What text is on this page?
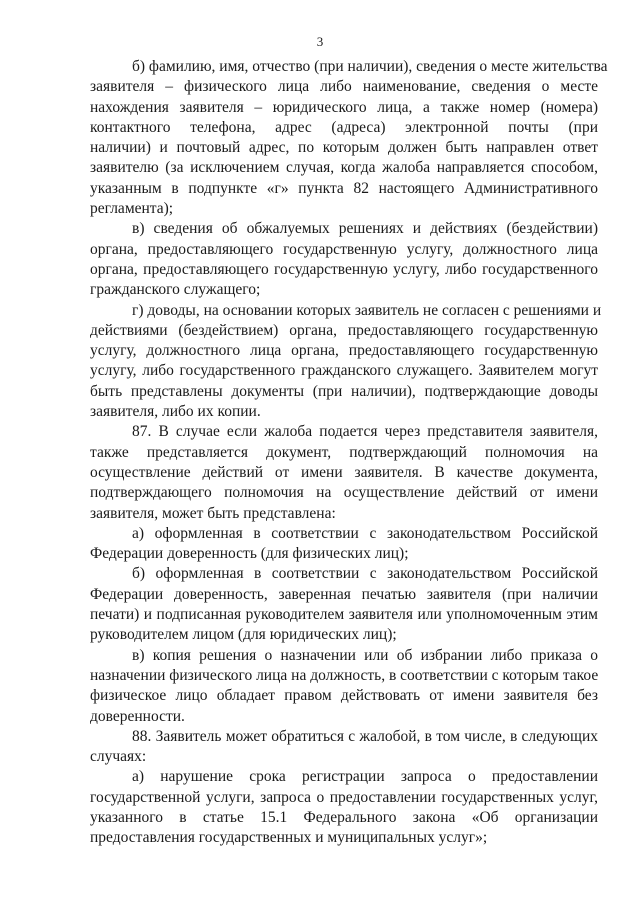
3
б) фамилию, имя, отчество (при наличии), сведения о месте жительства
заявителя – физического лица либо наименование, сведения о месте
нахождения заявителя – юридического лица, а также номер (номера)
контактного телефона, адрес (адреса) электронной почты (при
наличии) и почтовый адрес, по которым должен быть направлен ответ
заявителю (за исключением случая, когда жалоба направляется способом,
указанным в подпункте «г» пункта 82 настоящего Административного
регламента);
в) сведения об обжалуемых решениях и действиях (бездействии)
органа, предоставляющего государственную услугу, должностного лица
органа, предоставляющего государственную услугу, либо государственного
гражданского служащего;
г) доводы, на основании которых заявитель не согласен с решениями и
действиями (бездействием) органа, предоставляющего государственную
услугу, должностного лица органа, предоставляющего государственную
услугу, либо государственного гражданского служащего. Заявителем могут
быть представлены документы (при наличии), подтверждающие доводы
заявителя, либо их копии.
87. В случае если жалоба подается через представителя заявителя,
также представляется документ, подтверждающий полномочия на
осуществление действий от имени заявителя. В качестве документа,
подтверждающего полномочия на осуществление действий от имени
заявителя, может быть представлена:
а) оформленная в соответствии с законодательством Российской
Федерации доверенность (для физических лиц);
б) оформленная в соответствии с законодательством Российской
Федерации доверенность, заверенная печатью заявителя (при наличии
печати) и подписанная руководителем заявителя или уполномоченным этим
руководителем лицом (для юридических лиц);
в) копия решения о назначении или об избрании либо приказа о
назначении физического лица на должность, в соответствии с которым такое
физическое лицо обладает правом действовать от имени заявителя без
доверенности.
88. Заявитель может обратиться с жалобой, в том числе, в следующих
случаях:
а) нарушение срока регистрации запроса о предоставлении
государственной услуги, запроса о предоставлении государственных услуг,
указанного в статье 15.1 Федерального закона «Об организации
предоставления государственных и муниципальных услуг»;
